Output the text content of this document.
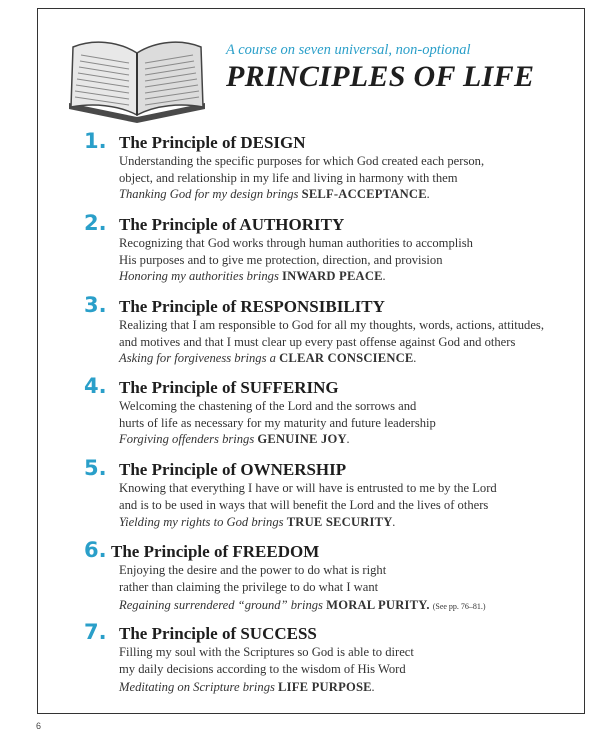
A course on seven universal, non-optional
PRINCIPLES OF LIFE
1. The Principle of DESIGN
Understanding the specific purposes for which God created each person,
object, and relationship in my life and living in harmony with them
Thanking God for my design brings SELF-ACCEPTANCE.
2. The Principle of AUTHORITY
Recognizing that God works through human authorities to accomplish
His purposes and to give me protection, direction, and provision
Honoring my authorities brings INWARD PEACE.
3. The Principle of RESPONSIBILITY
Realizing that I am responsible to God for all my thoughts, words, actions, attitudes,
and motives and that I must clear up every past offense against God and others
Asking for forgiveness brings a CLEAR CONSCIENCE.
4. The Principle of SUFFERING
Welcoming the chastening of the Lord and the sorrows and
hurts of life as necessary for my maturity and future leadership
Forgiving offenders brings GENUINE JOY.
5. The Principle of OWNERSHIP
Knowing that everything I have or will have is entrusted to me by the Lord
and is to be used in ways that will benefit the Lord and the lives of others
Yielding my rights to God brings TRUE SECURITY.
6. The Principle of FREEDOM
Enjoying the desire and the power to do what is right
rather than claiming the privilege to do what I want
Regaining surrendered “ground” brings MORAL PURITY. (See pp. 76–81.)
7. The Principle of SUCCESS
Filling my soul with the Scriptures so God is able to direct
my daily decisions according to the wisdom of His Word
Meditating on Scripture brings LIFE PURPOSE.
6
